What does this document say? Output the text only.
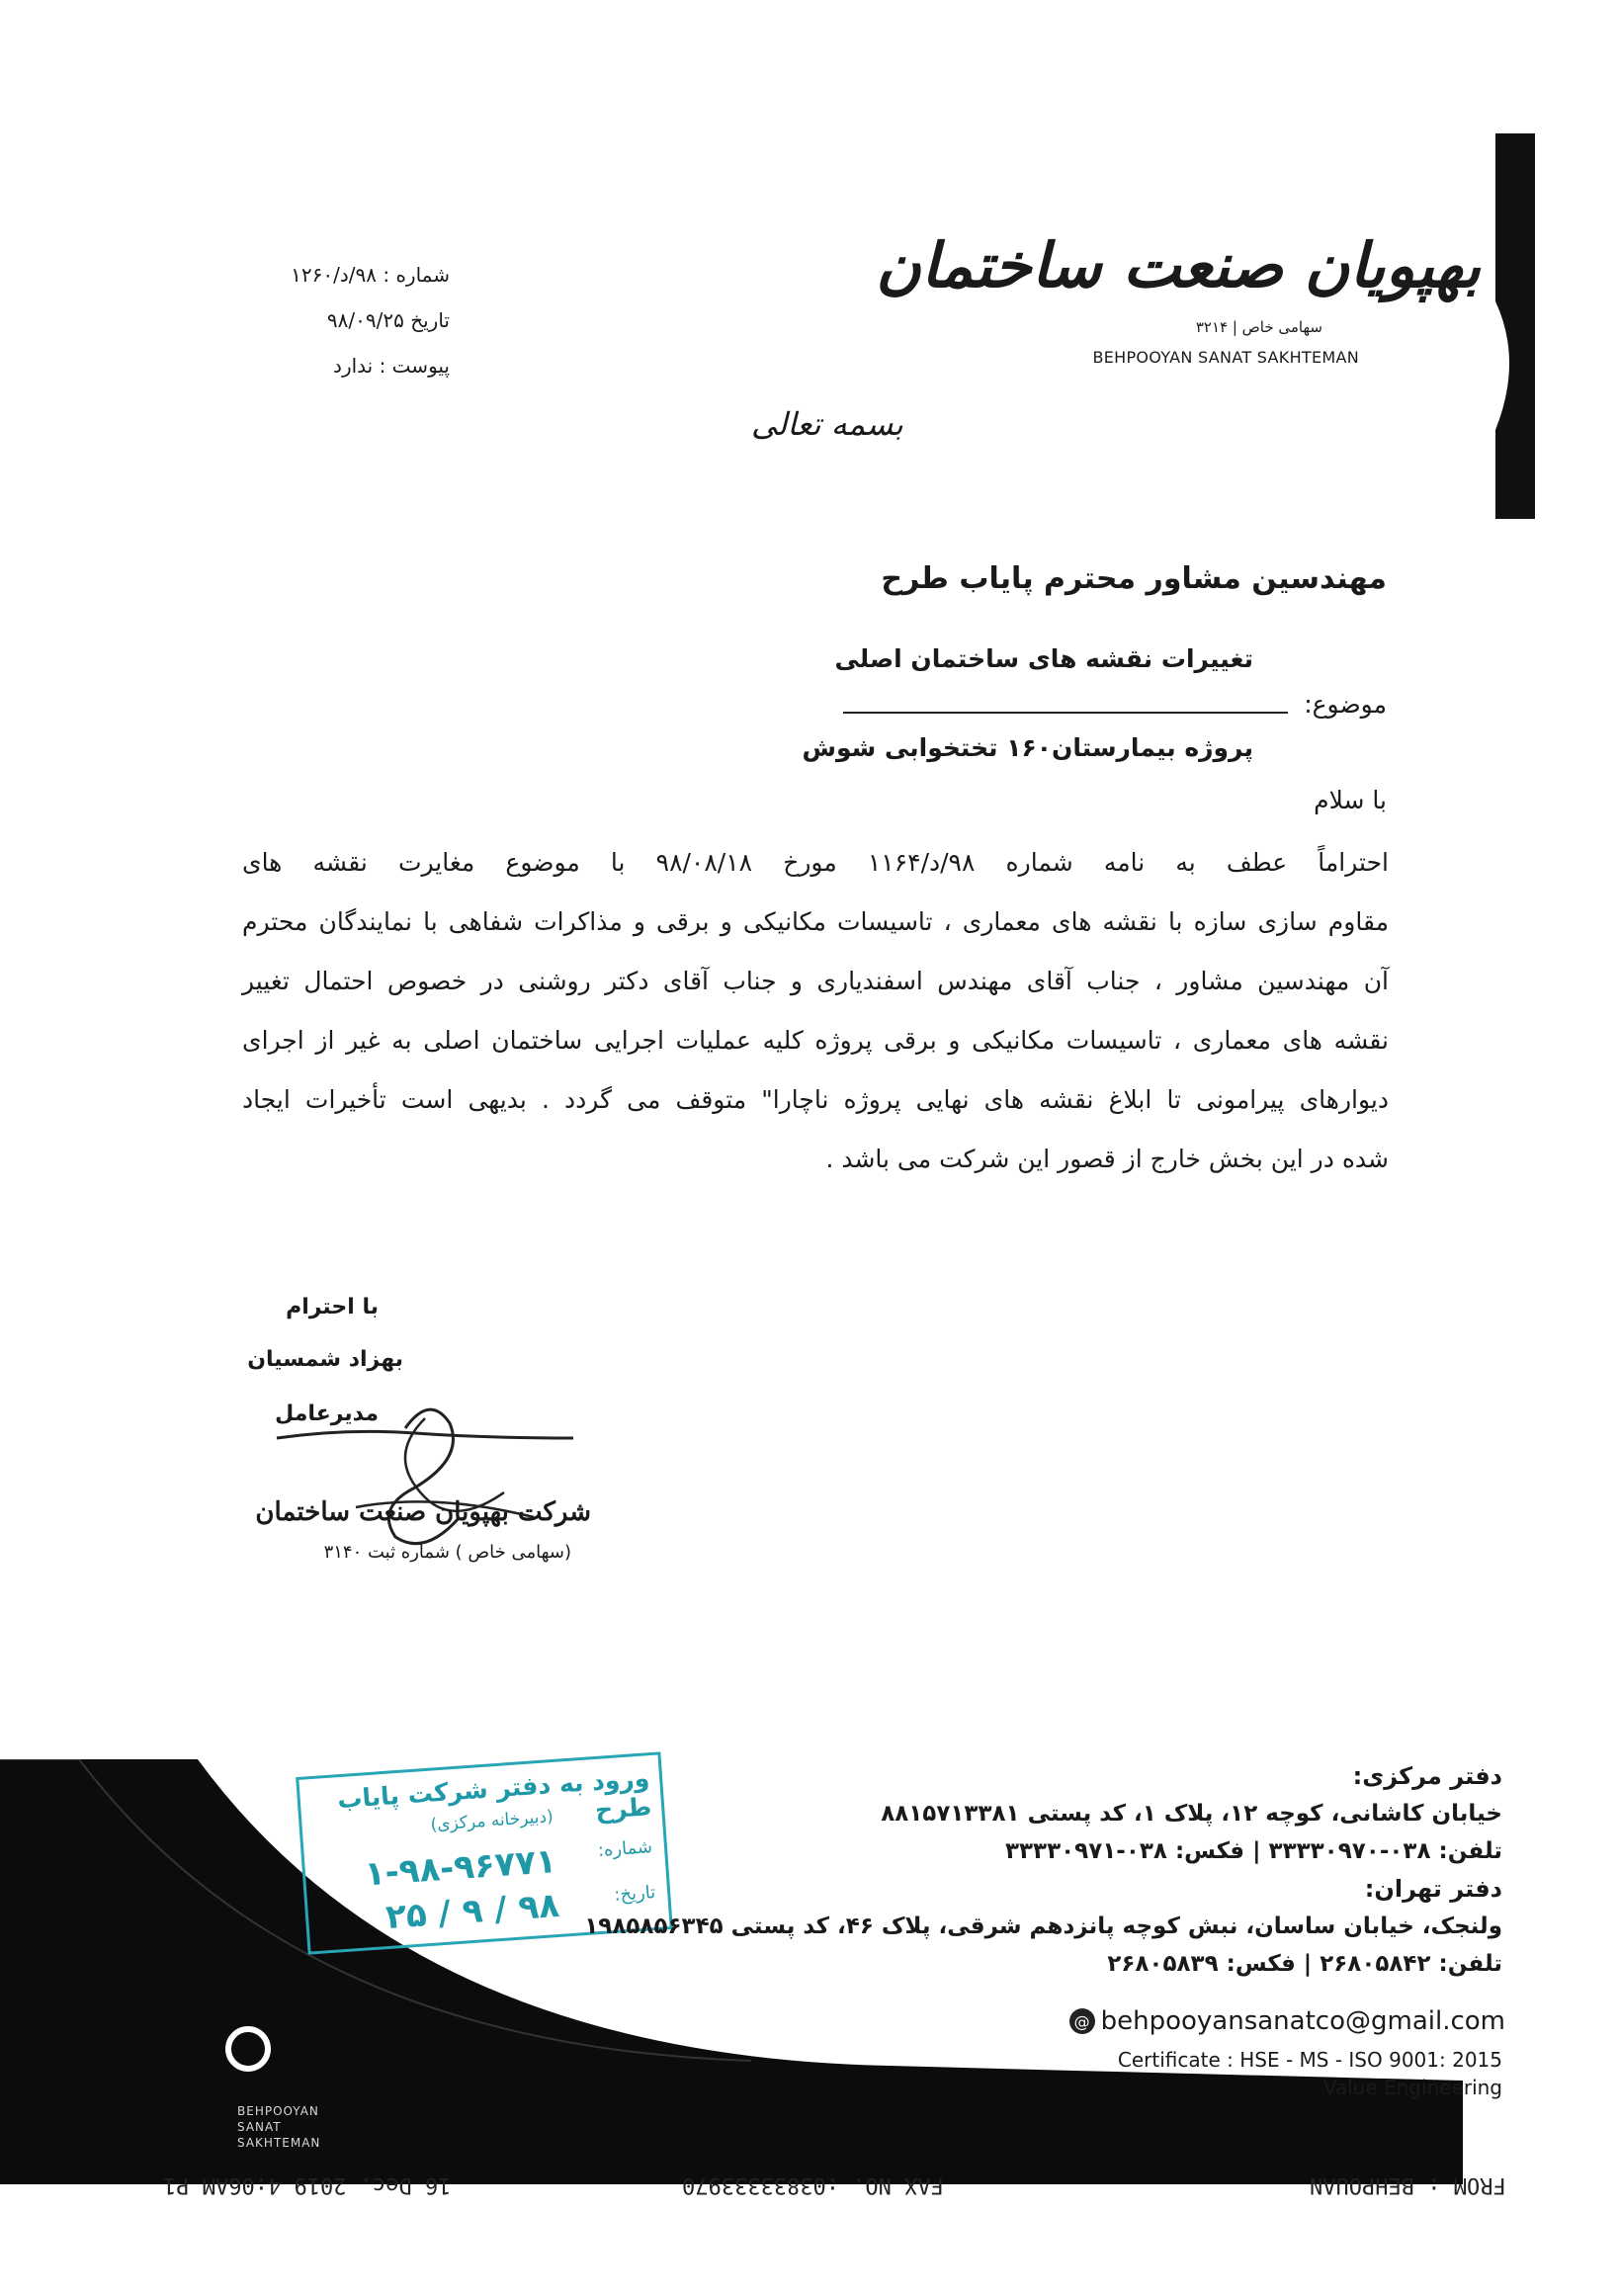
بهپویان صنعت ساختمان
سهامی خاص | ۳۲۱۴
BEHPOOYAN SANAT SAKHTEMAN
شماره : ۹۸/د/۱۲۶۰
تاریخ ۹۸/۰۹/۲۵
پیوست : ندارد
بسمه تعالی
مهندسین مشاور محترم پایاب طرح
تغییرات نقشه های ساختمان اصلی
موضوع:
پروژه بیمارستان۱۶۰ تختخوابی شوش
با سلام
احتراماً عطف به نامه شماره ۹۸/د/۱۱۶۴ مورخ ۹۸/۰۸/۱۸ با موضوع مغایرت نقشه های
مقاوم سازی سازه با نقشه های معماری ، تاسیسات مکانیکی و برقی و مذاکرات شفاهی با نمایندگان محترم
آن مهندسین مشاور ، جناب آقای مهندس اسفندیاری و جناب آقای دکتر روشنی در خصوص احتمال تغییر
نقشه های معماری ، تاسیسات مکانیکی و برقی پروژه کلیه عملیات اجرایی ساختمان اصلی به غیر از اجرای
دیوارهای پیرامونی تا ابلاغ نقشه های نهایی پروژه ناچارا" متوقف می گردد . بدیهی است تأخیرات ایجاد
شده در این بخش خارج از قصور این شرکت می باشد .
با احترام
بهزاد شمسیان
مدیرعامل
شرکت بهپویان صنعت ساختمان
(سهامی خاص ) شماره ثبت ۳۱۴۰
ورود به دفتر شرکت پایاب طرح
(دبیرخانه مرکزی)
شماره:
۱-۹۸-۹۶۷۷۱	تاریخ:
۹۸ / ۹ / ۲۵
دفتر مرکزی:
خیابان کاشانی، کوچه ۱۲، پلاک ۱، کد پستی ۸۸۱۵۷۱۳۳۸۱
تلفن: ۰۳۸-۳۳۳۳۰۹۷۰ | فکس: ۰۳۸-۳۳۳۳۰۹۷۱
دفتر تهران:
ولنجک، خیابان ساسان، نبش کوچه پانزدهم شرقی، پلاک ۴۶، کد پستی ۱۹۸۵۸۵۶۳۴۵
تلفن: ۲۶۸۰۵۸۴۲ | فکس: ۲۶۸۰۵۸۳۹
@ behpooyansanatco@gmail.com
Certificate : HSE - MS - ISO 9001: 2015
Value Engineering
BEHPOOYAN
SANAT
SAKHTEMAN
16 Dec. 2019 4:06AM P1	FAX NO. :03833333970	FROM : BEHPOUAN
